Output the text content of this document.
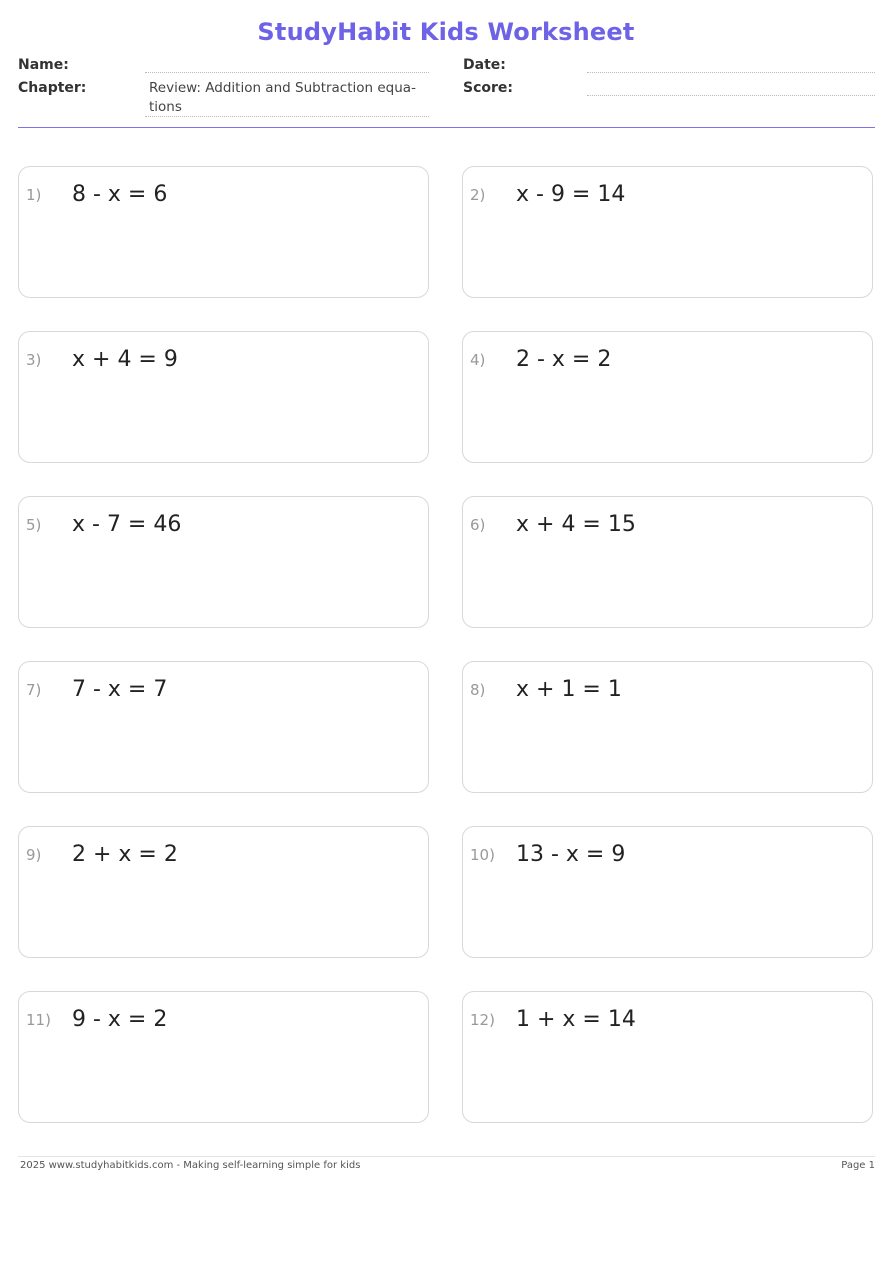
StudyHabit Kids Worksheet
Name:
Chapter:	Review: Addition and Subtraction equa-
tions
Date:
Score:
1) 8 - x = 6	2) x - 9 = 14
3) x + 4 = 9	4) 2 - x = 2
5) x - 7 = 46	6) x + 4 = 15
7) 7 - x = 7	8) x + 1 = 1
9) 2 + x = 2	10) 13 - x = 9
11) 9 - x = 2	12) 1 + x = 14
2025 www.studyhabitkids.com - Making self-learning simple for kids	Page 1
